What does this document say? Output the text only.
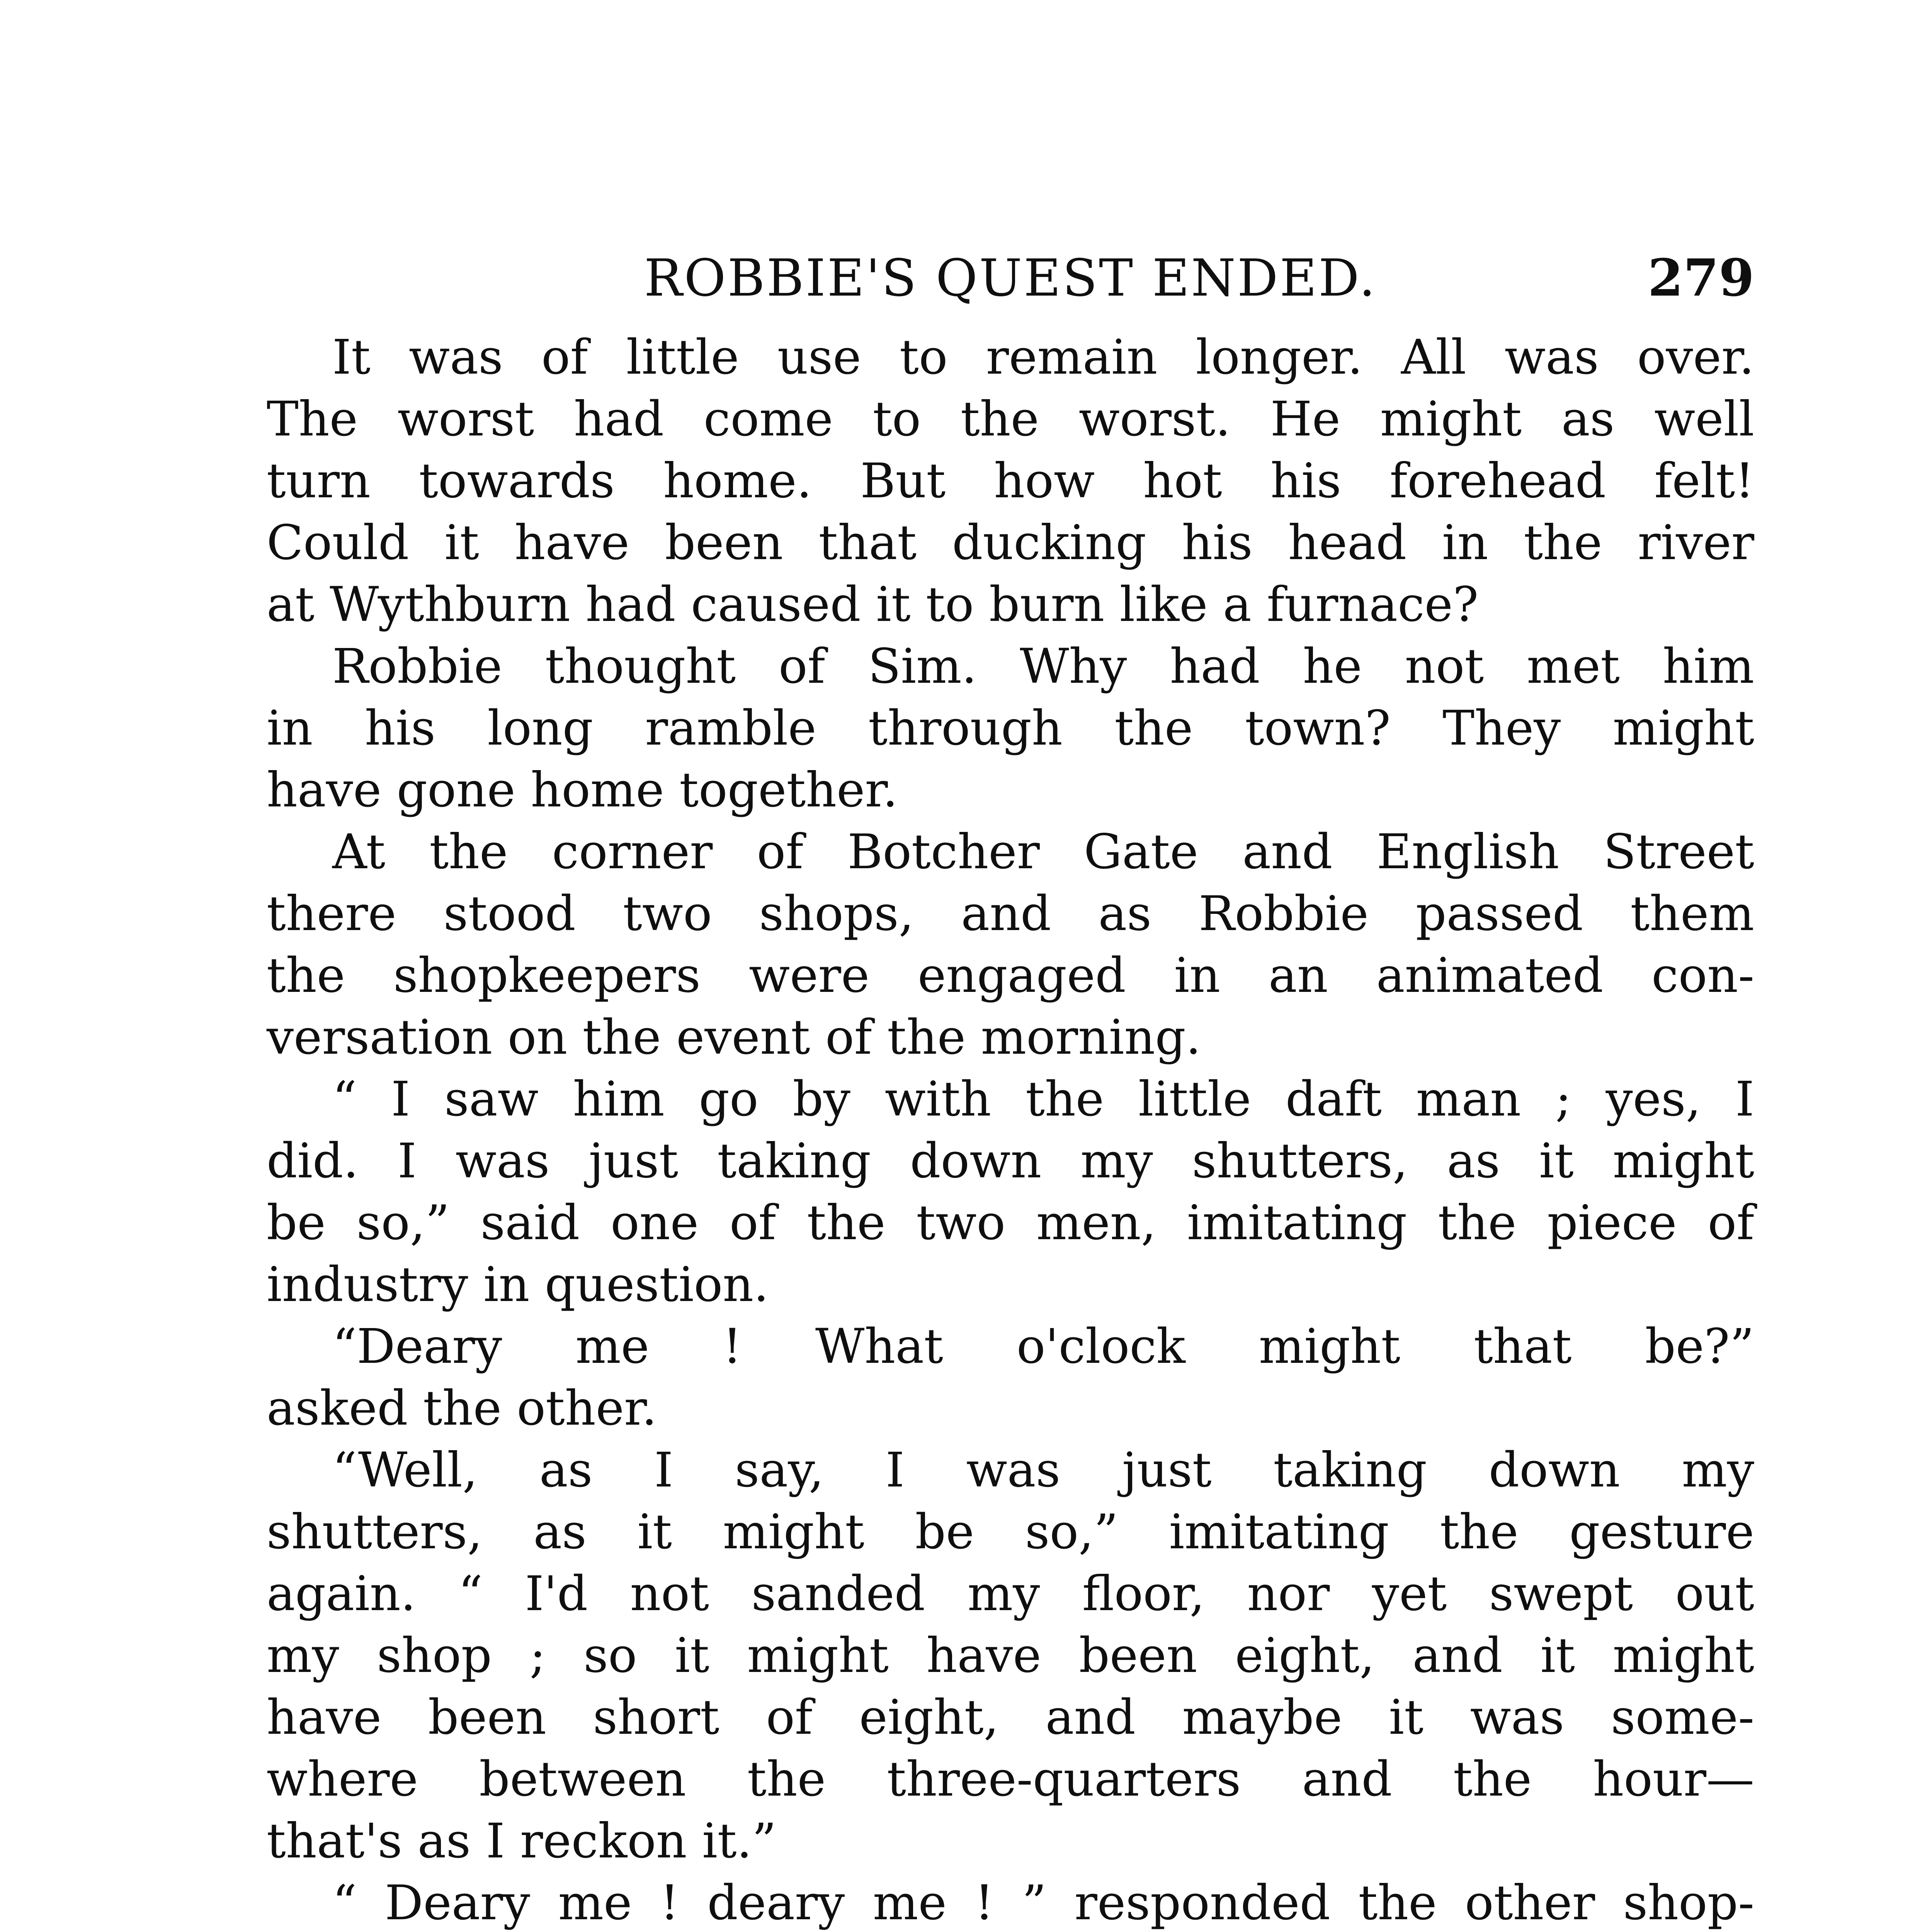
ROBBIE'S QUEST ENDED.	279
It was of little use to remain longer. All was over.
The worst had come to the worst. He might as well
turn towards home. But how hot his forehead felt!
Could it have been that ducking his head in the river
at Wythburn had caused it to burn like a furnace?
Robbie thought of Sim. Why had he not met him
in his long ramble through the town? They might
have gone home together.
At the corner of Botcher Gate and English Street
there stood two shops, and as Robbie passed them
the shopkeepers were engaged in an animated con-
versation on the event of the morning.
“ I saw him go by with the little daft man ; yes, I
did. I was just taking down my shutters, as it might
be so,” said one of the two men, imitating the piece of
industry in question.
“Deary me ! What o'clock might that be?”
asked the other.
“Well, as I say, I was just taking down my
shutters, as it might be so,” imitating the gesture
again. “ I'd not sanded my floor, nor yet swept out
my shop ; so it might have been eight, and it might
have been short of eight, and maybe it was some-
where between the three-quarters and the hour—
that's as I reckon it.”
“ Deary me ! deary me ! ” responded the other shop-
